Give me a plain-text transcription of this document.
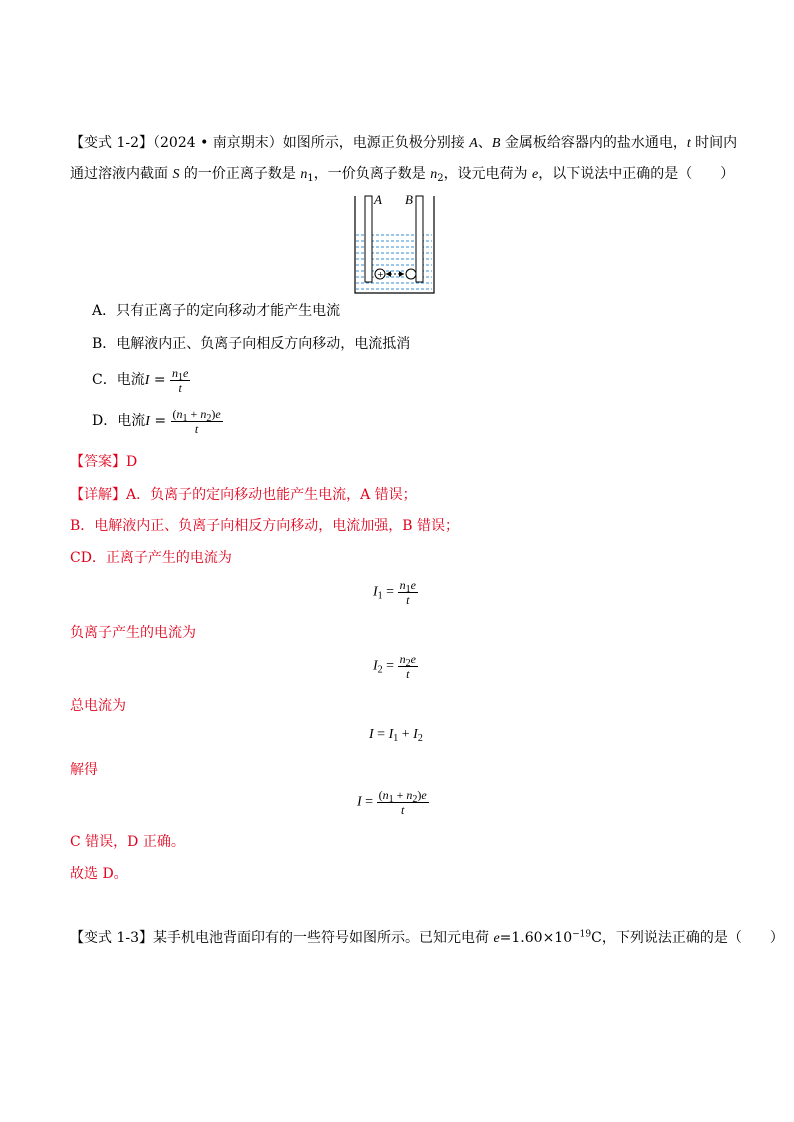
【变式 1-2】（2024 • 南京期末）如图所示，电源正负极分别接 A、B 金属板给容器内的盐水通电，t 时间内
通过溶液内截面 S 的一价正离子数是 $n_1$，一价负离子数是 $n_2$，设元电荷为 e，以下说法中正确的是（　　）
A B
+
A．只有正离子的定向移动才能产生电流
B．电解液内正、负离子向相反方向移动，电流抵消
C．电流$I = \frac{n_1e}{t}$
D．电流$I = \frac{(n_1 + n_2)e}{t}$
【答案】D
【详解】A．负离子的定向移动也能产生电流，A 错误；
B．电解液内正、负离子向相反方向移动，电流加强，B 错误；
CD．正离子产生的电流为
$I_1 = \frac{n_1e}{t}$
负离子产生的电流为
$I_2 = \frac{n_2e}{t}$
总电流为
$I = I_1 + I_2$
解得
$I = \frac{(n_1 + n_2)e}{t}$
C 错误，D 正确。
故选 D。
【变式 1-3】某手机电池背面印有的一些符号如图所示。已知元电荷 $e=1.60\times 10^{-19}C$，下列说法正确的是（　　）
